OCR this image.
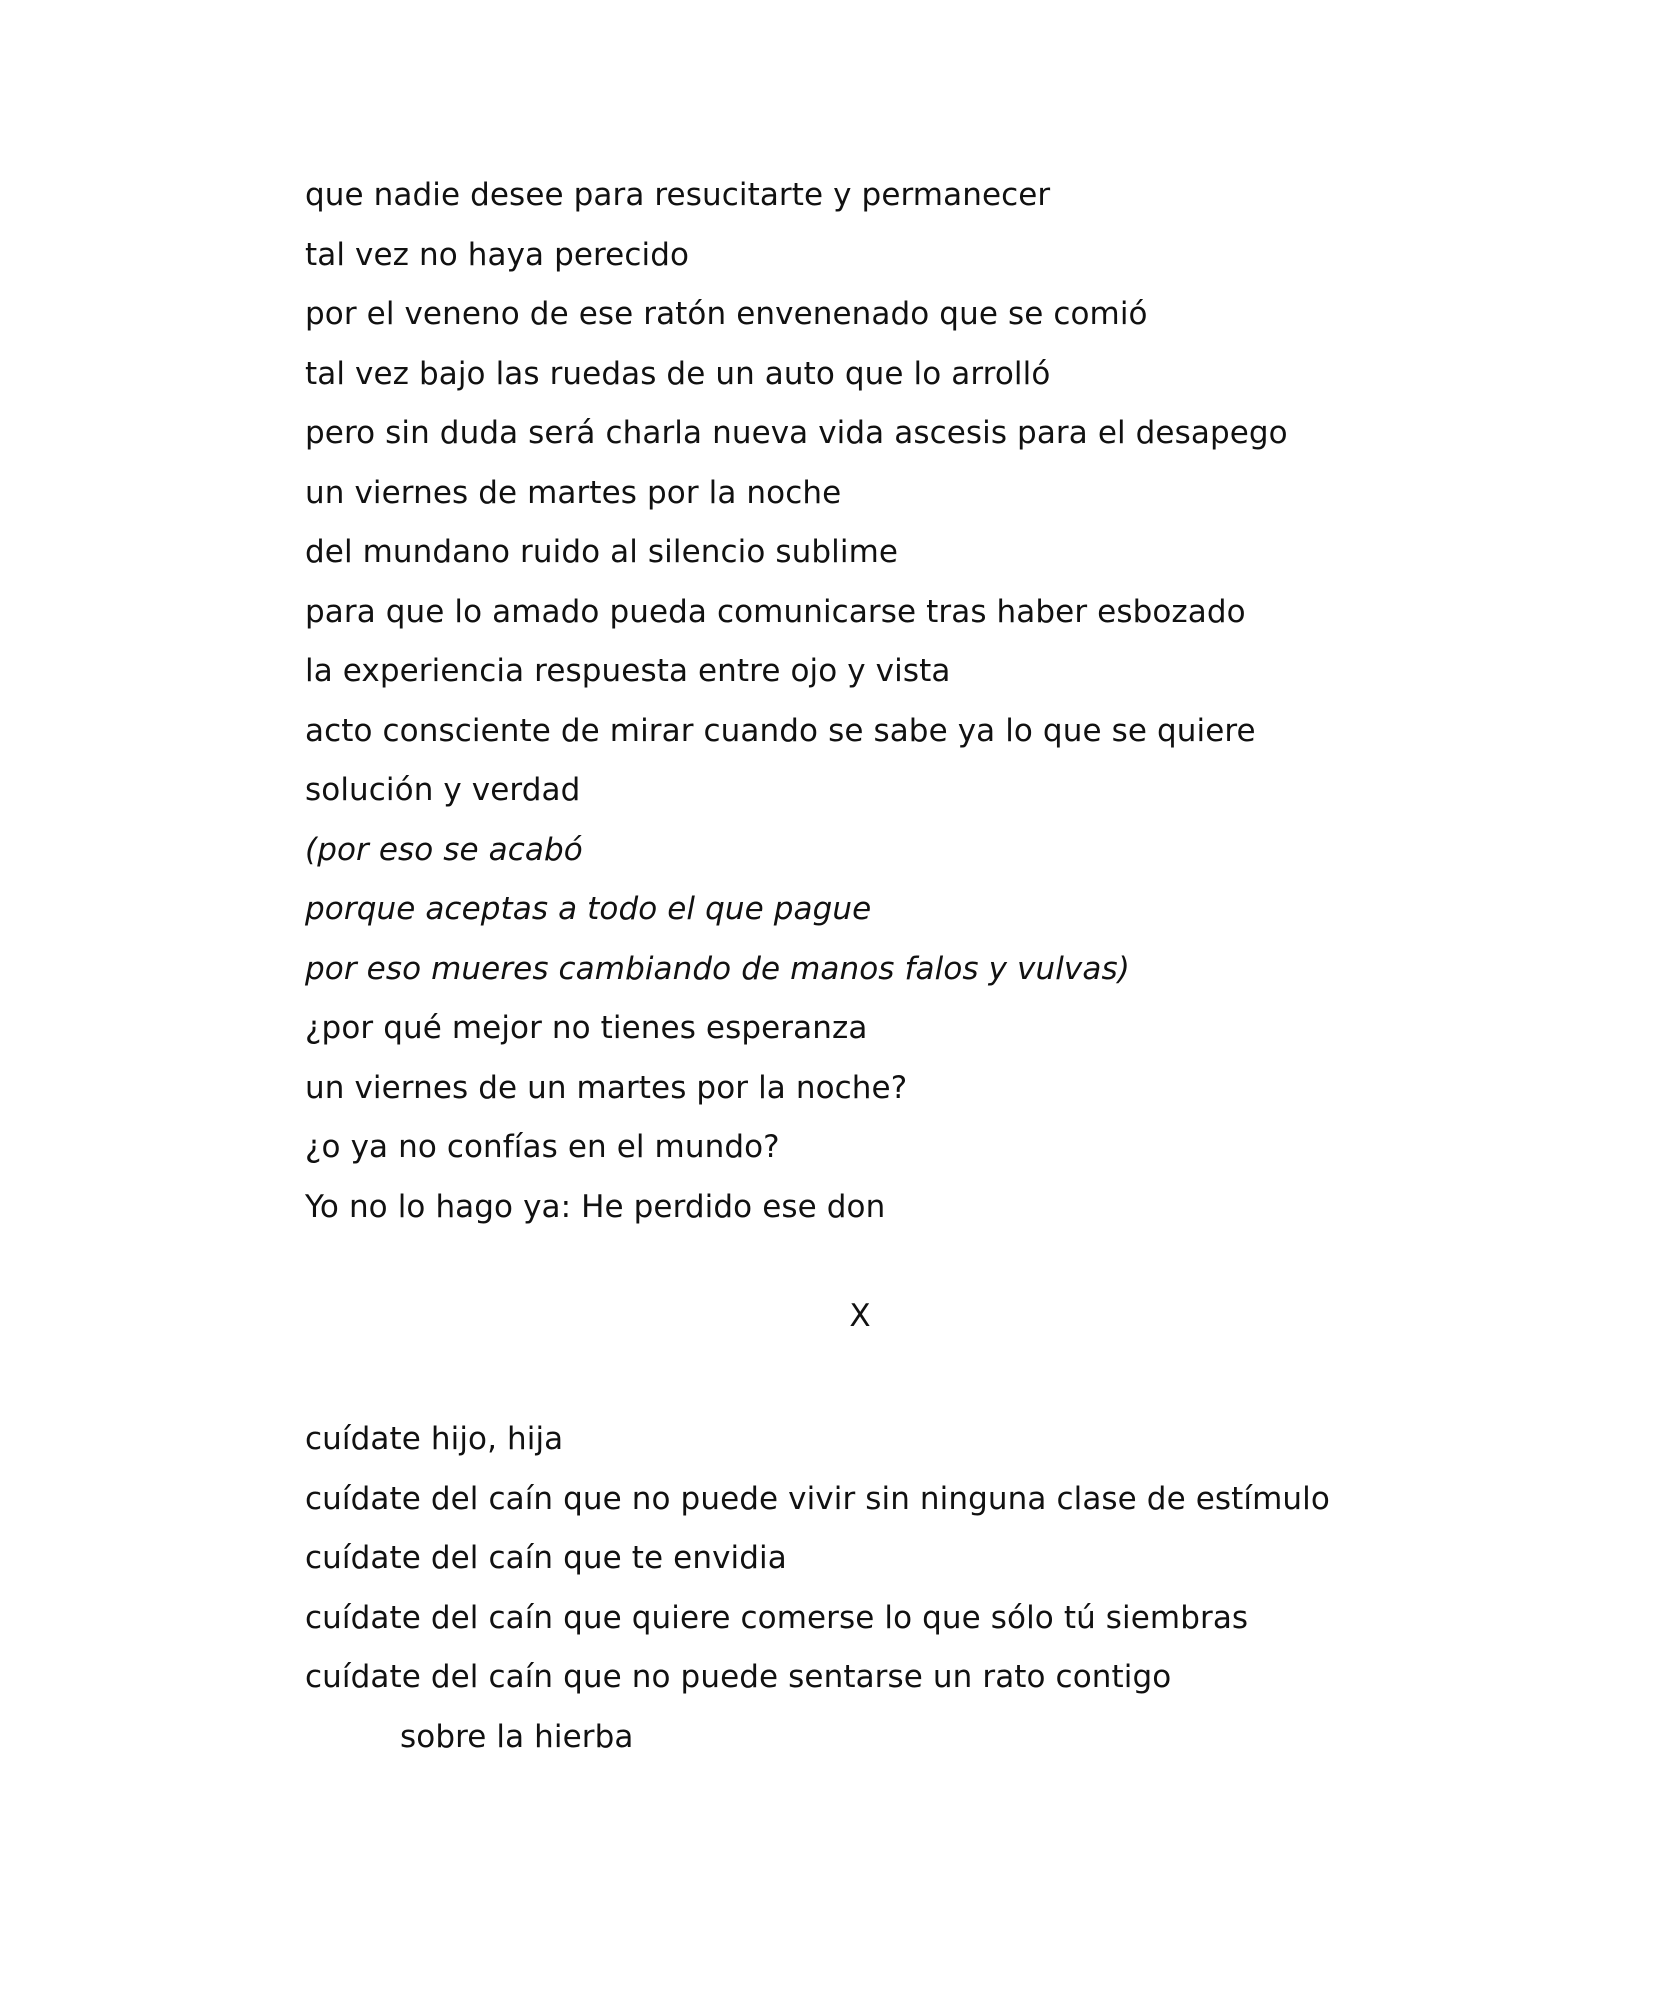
que nadie desee para resucitarte y permanecer
tal vez no haya perecido
por el veneno de ese ratón envenenado que se comió
tal vez bajo las ruedas de un auto que lo arrolló
pero sin duda será charla nueva vida ascesis para el desapego
un viernes de martes por la noche
del mundano ruido al silencio sublime
para que lo amado pueda comunicarse tras haber esbozado
la experiencia respuesta entre ojo y vista
acto consciente de mirar cuando se sabe ya lo que se quiere
solución y verdad
(por eso se acabó
porque aceptas a todo el que pague
por eso mueres cambiando de manos falos y vulvas)
¿por qué mejor no tienes esperanza
un viernes de un martes por la noche?
¿o ya no confías en el mundo?
Yo no lo hago ya: He perdido ese don
X
cuídate hijo, hija
cuídate del caín que no puede vivir sin ninguna clase de estímulo
cuídate del caín que te envidia
cuídate del caín que quiere comerse lo que sólo tú siembras
cuídate del caín que no puede sentarse un rato contigo
sobre la hierba
